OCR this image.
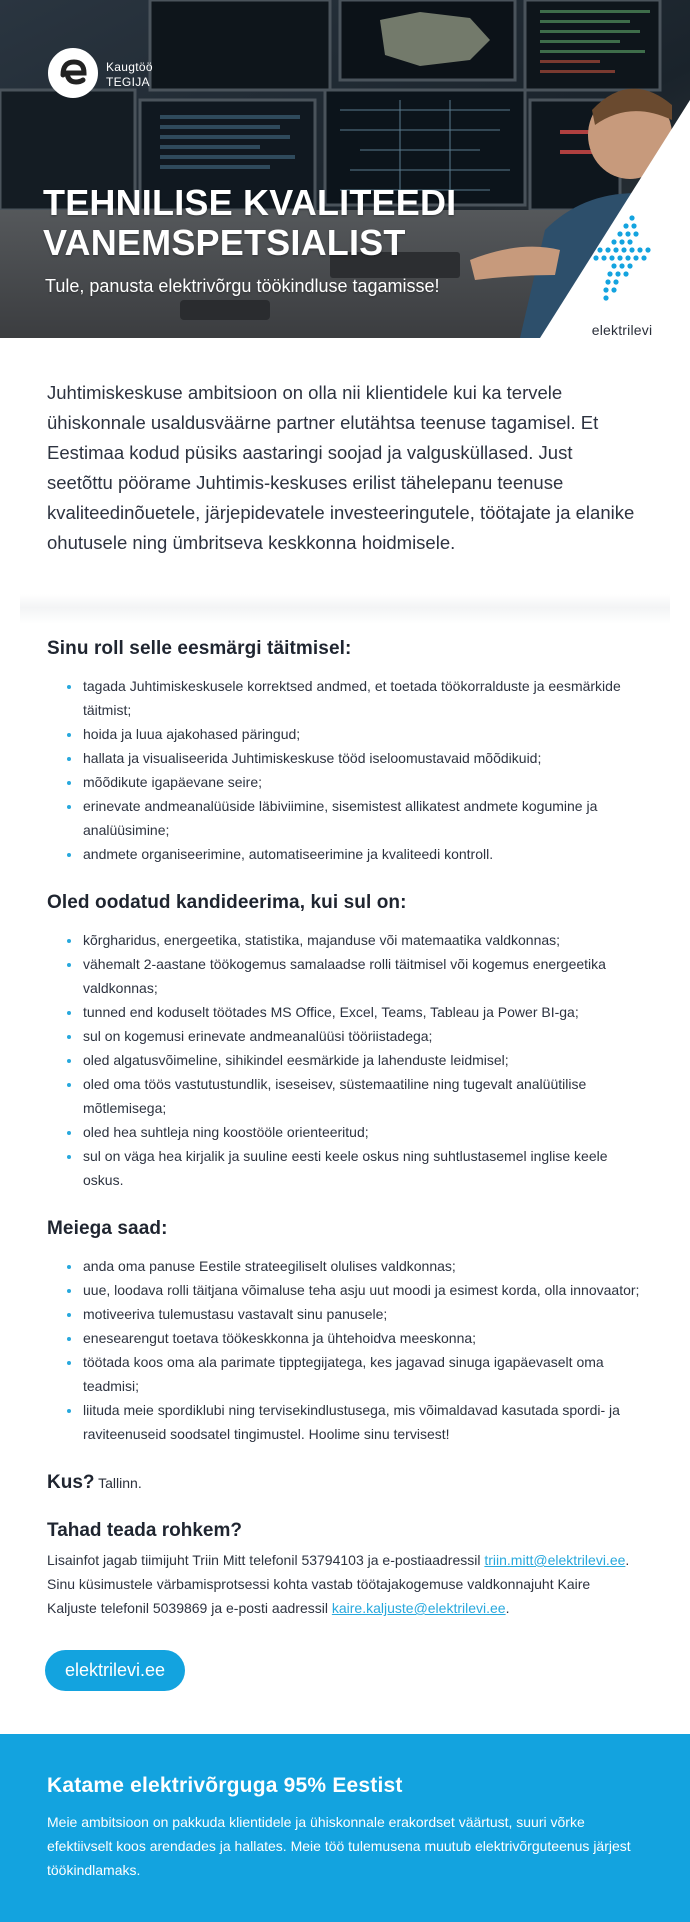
Kaugtöö
TEGIJA
TEHNILISE KVALITEEDI
VANEMSPETSIALIST
Tule, panusta elektrivõrgu töökindluse tagamisse!
elektrilevi

Juhtimiskeskuse ambitsioon on olla nii klientidele kui ka tervele ühiskonnale usaldusväärne partner elutähtsa teenuse tagamisel. Et Eestimaa kodud püsiks aastaringi soojad ja valgusküllased. Just seetõttu pöörame Juhtimis-keskuses erilist tähelepanu teenuse kvaliteedinõuetele, järjepidevatele investeeringutele, töötajate ja elanike ohutusele ning ümbritseva keskkonna hoidmisele.

Sinu roll selle eesmärgi täitmisel:
tagada Juhtimiskeskusele korrektsed andmed, et toetada töökorralduste ja eesmärkide täitmist;
hoida ja luua ajakohased päringud;
hallata ja visualiseerida Juhtimiskeskuse tööd iseloomustavaid mõõdikuid;
mõõdikute igapäevane seire;
erinevate andmeanalüüside läbiviimine, sisemistest allikatest andmete kogumine ja analüüsimine;
andmete organiseerimine, automatiseerimine ja kvaliteedi kontroll.
Oled oodatud kandideerima, kui sul on:
kõrgharidus, energeetika, statistika, majanduse või matemaatika valdkonnas;
vähemalt 2-aastane töökogemus samalaadse rolli täitmisel või kogemus energeetika valdkonnas;
tunned end koduselt töötades MS Office, Excel, Teams, Tableau ja Power BI-ga;
sul on kogemusi erinevate andmeanalüüsi tööriistadega;
oled algatusvõimeline, sihikindel eesmärkide ja lahenduste leidmisel;
oled oma töös vastutustundlik, iseseisev, süstemaatiline ning tugevalt analüütilise mõtlemisega;
oled hea suhtleja ning koostööle orienteeritud;
sul on väga hea kirjalik ja suuline eesti keele oskus ning suhtlustasemel inglise keele oskus.
Meiega saad:
anda oma panuse Eestile strateegiliselt olulises valdkonnas;
uue, loodava rolli täitjana võimaluse teha asju uut moodi ja esimest korda, olla innovaator;
motiveeriva tulemustasu vastavalt sinu panusele;
enesearengut toetava töökeskkonna ja ühtehoidva meeskonna;
töötada koos oma ala parimate tipptegijatega, kes jagavad sinuga igapäevaselt oma teadmisi;
liituda meie spordiklubi ning tervisekindlustusega, mis võimaldavad kasutada spordi- ja raviteenuseid soodsatel tingimustel. Hoolime sinu tervisest!
Kus? Tallinn.
Tahad teada rohkem?

Lisainfot jagab tiimijuht Triin Mitt telefonil 53794103 ja e-postiaadressil triin.mitt@elektrilevi.ee. Sinu küsimustele värbamisprotsessi kohta vastab töötajakogemuse valdkonnajuht Kaire Kaljuste telefonil 5039869 ja e-posti aadressil kaire.kaljuste@elektrilevi.ee.

elektrilevi.ee
Katame elektrivõrguga 95% Eestist

Meie ambitsioon on pakkuda klientidele ja ühiskonnale erakordset väärtust, suuri võrke efektiivselt koos arendades ja hallates. Meie töö tulemusena muutub elektrivõrguteenus järjest töökindlamaks.
